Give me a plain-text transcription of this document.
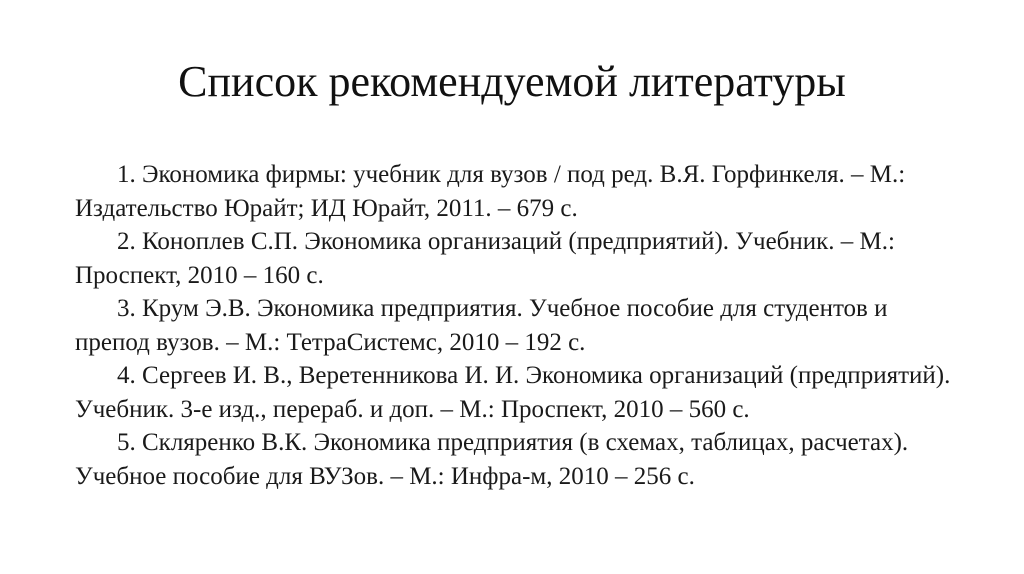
Список рекомендуемой литературы

1. Экономика фирмы: учебник для вузов / под ред. В.Я. Горфинкеля. – М.: Издательство Юрайт; ИД Юрайт, 2011. – 679 с.

2. Коноплев С.П. Экономика организаций (предприятий). Учебник. – М.: Проспект, 2010 – 160 с.

3. Крум Э.В. Экономика предприятия. Учебное пособие для студентов и препод вузов. – М.: ТетраСистемс, 2010 – 192 с.

4. Сергеев И. В., Веретенникова И. И. Экономика организаций (предприятий). Учебник. 3-е изд., перераб. и доп. – М.: Проспект, 2010 – 560 с.

5. Скляренко В.К. Экономика предприятия (в схемах, таблицах, расчетах). Учебное пособие для ВУЗов. – М.: Инфра-м, 2010 – 256 с.
